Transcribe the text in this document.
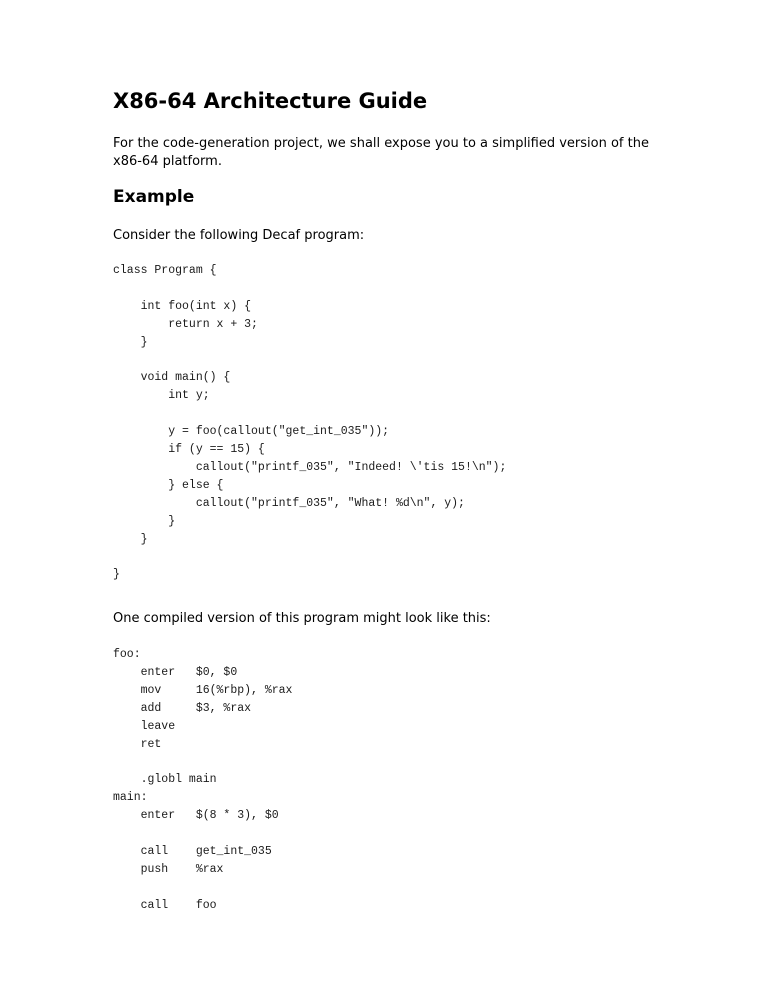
X86-64 Architecture Guide

For the code-generation project, we shall expose you to a simplified version of the x86-64 platform.

Example

Consider the following Decaf program:

class Program {

int foo(int x) {
return x + 3;
}

void main() {
int y;

y = foo(callout("get_int_035"));
if (y == 15) {
callout("printf_035", "Indeed! \'tis 15!\n");
} else {
callout("printf_035", "What! %d\n", y);
}
}

}

One compiled version of this program might look like this:

foo:
enter   $0, $0
mov     16(%rbp), %rax
add     $3, %rax
leave
ret

.globl main
main:
enter   $(8 * 3), $0

call    get_int_035
push    %rax

call    foo
